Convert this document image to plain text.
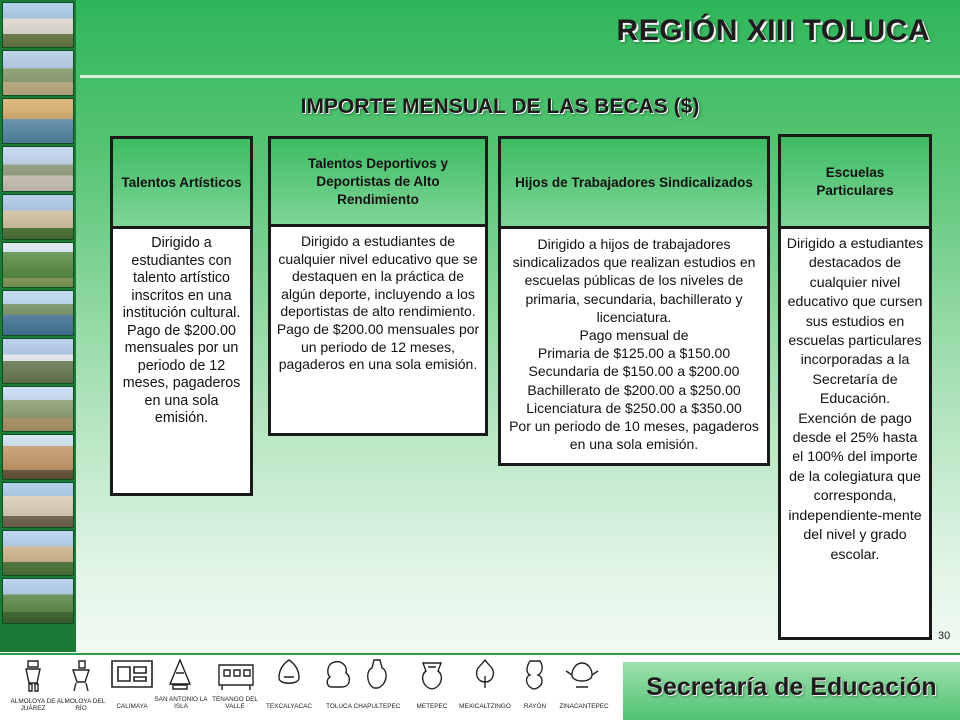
REGIÓN XIII TOLUCA
IMPORTE MENSUAL DE LAS BECAS ($)
Talentos Artísticos

Dirigido a estudiantes con talento artístico inscritos en una institución cultural.

Pago de $200.00 mensuales por un periodo de 12 meses, pagaderos en una sola emisión.

Talentos Deportivos y Deportistas de Alto Rendimiento

Dirigido a estudiantes de cualquier nivel educativo que se destaquen en la práctica de algún deporte, incluyendo a los deportistas de alto rendimiento.

Pago de $200.00 mensuales por un periodo de 12 meses, pagaderos en una sola emisión.

Hijos de Trabajadores Sindicalizados

Dirigido a hijos de trabajadores sindicalizados que realizan estudios en escuelas públicas de los niveles de primaria, secundaria, bachillerato y licenciatura.

Pago mensual de

Primaria de $125.00 a $150.00

Secundaria de $150.00 a $200.00

Bachillerato de $200.00 a $250.00

Licenciatura de $250.00 a $350.00

Por un periodo de 10 meses, pagaderos en una sola emisión.

Escuelas Particulares

Dirigido a estudiantes destacados de cualquier nivel educativo que cursen sus estudios en escuelas particulares incorporadas a la Secretaría de Educación.

Exención de pago desde el 25% hasta el 100% del importe de la colegiatura que corresponda, independiente-mente del nivel y grado escolar.

30
ALMOLOYA DE JUÁREZ
ALMOLOYA DEL RÍO	CALIMAYA
SAN ANTONIO LA ISLA
TENANGO DEL VALLE	TEXCALYACAC	TOLUCA CHAPULTEPEC	METEPEC	MEXICALTZINGO	RAYÓN	ZINACANTEPEC
Secretaría de Educación
